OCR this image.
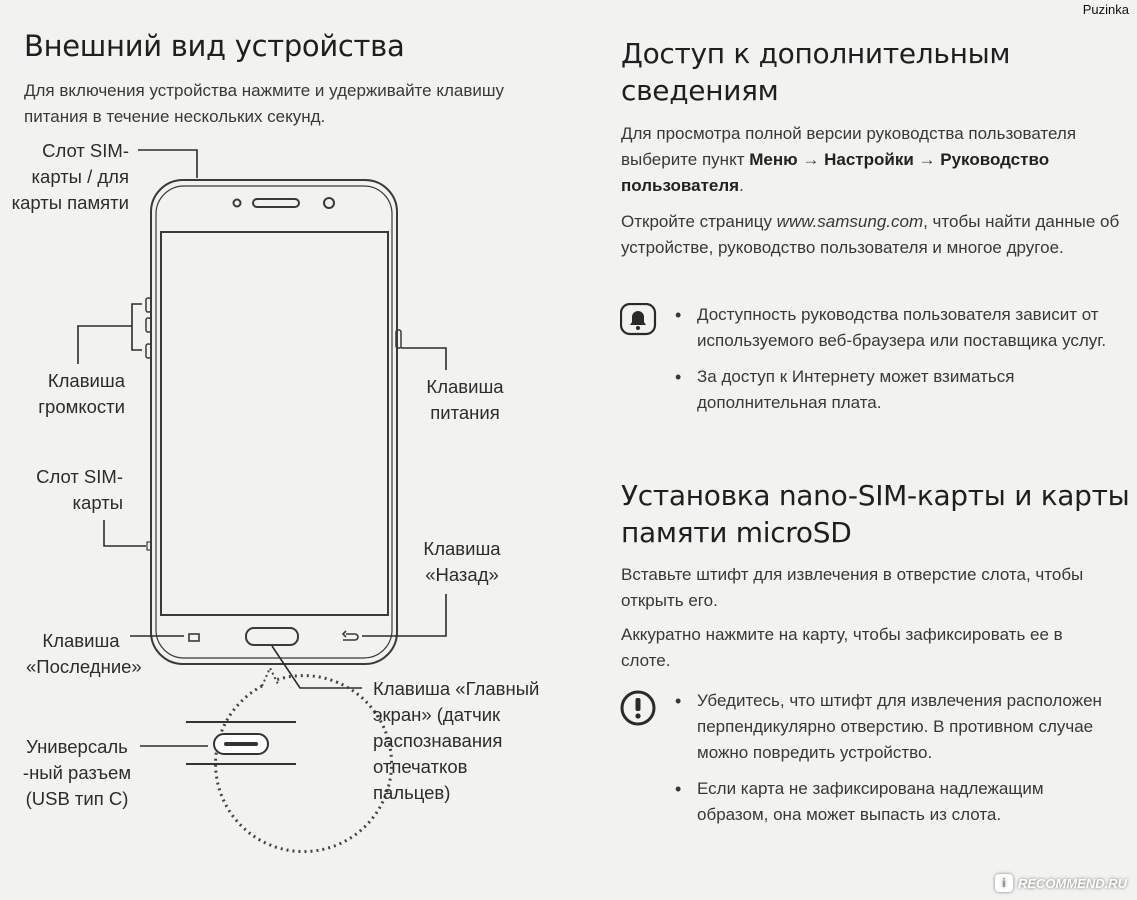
Puzinka
Внешний вид устройства
Для включения устройства нажмите и удерживайте клавишу питания в течение нескольких секунд.
Слот SIM-карты / для карты памяти
Клавиша громкости
Слот SIM-карты
Клавиша «Последние»
Универсаль -ный разъем (USB тип C)
Клавиша питания
Клавиша «Назад»
Клавиша «Главный экран» (датчик распознавания отпечатков пальцев)
Доступ к дополнительным сведениям
Для просмотра полной версии руководства пользователя выберите пункт Меню → Настройки → Руководство пользователя.
Откройте страницу www.samsung.com, чтобы найти данные об устройстве, руководство пользователя и многое другое.
• Доступность руководства пользователя зависит от используемого веб-браузера или поставщика услуг.
• За доступ к Интернету может взиматься дополнительная плата.
Установка nano-SIM-карты и карты памяти microSD
Вставьте штифт для извлечения в отверстие слота, чтобы открыть его.
Аккуратно нажмите на карту, чтобы зафиксировать ее в слоте.
• Убедитесь, что штифт для извлечения расположен перпендикулярно отверстию. В противном случае можно повредить устройство.
• Если карта не зафиксирована надлежащим образом, она может выпасть из слота.
i RECOMMEND.RU
